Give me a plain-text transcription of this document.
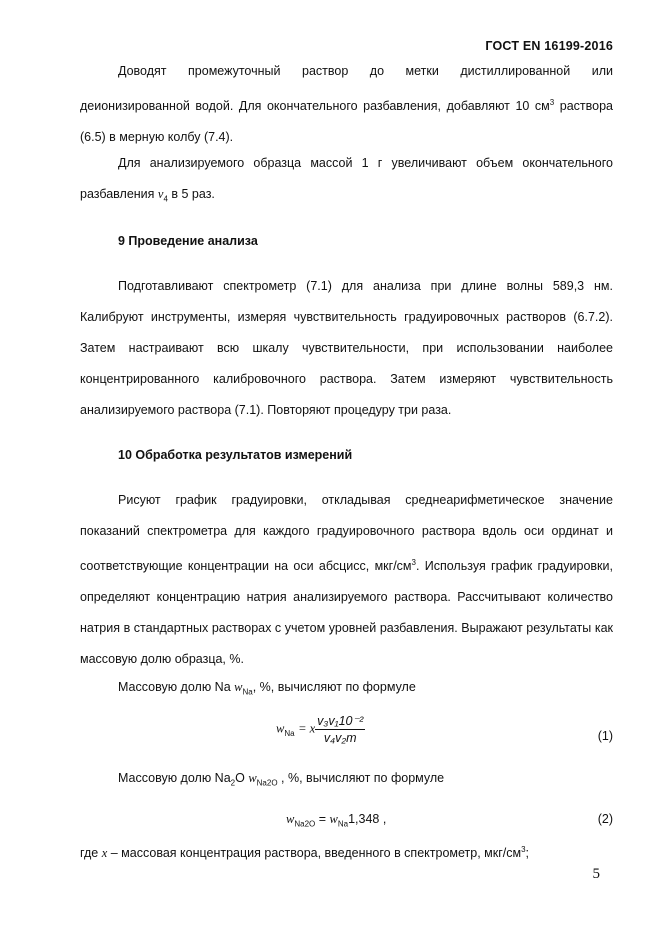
ГОСТ EN 16199-2016

Доводят промежуточный раствор до метки дистиллированной или деионизированной водой. Для окончательного разбавления, добавляют 10 $см^3$ раствора (6.5) в мерную колбу (7.4).

Для анализируемого образца массой 1 г увеличивают объем окончательного разбавления $v_4$ в 5 раз.

9 Проведение анализа

Подготавливают спектрометр (7.1) для анализа при длине волны 589,3 нм. Калибруют инструменты, измеряя чувствительность градуировочных растворов (6.7.2). Затем настраивают всю шкалу чувствительности, при использовании наиболее концентрированного калибровочного раствора. Затем измеряют чувствительность анализируемого раствора (7.1). Повторяют процедуру три раза.

10 Обработка результатов измерений

Рисуют график градуировки, откладывая среднеарифметическое значение показаний спектрометра для каждого градуировочного раствора вдоль оси ординат и соответствующие концентрации на оси абсцисс, мкг/$см^3$. Используя график градуировки, определяют концентрацию натрия анализируемого раствора. Рассчитывают количество натрия в стандартных растворах с учетом уровней разбавления. Выражают результаты как массовую долю образца, %.

Массовую долю Na $w_{Na}$, %, вычисляют по формуле
$w_{Na} = x \frac{\text{v₃v₁10⁻²}}{\text{v₄v₂m}}$	(1)
Массовую долю $Na_2O$ $w_{Na2O}$ , %, вычисляют по формуле
$w_{Na2O} = w_{Na}1,348$ ,	(2)
где x – массовая концентрация раствора, введенного в спектрометр, мкг/$см^3$;
5
